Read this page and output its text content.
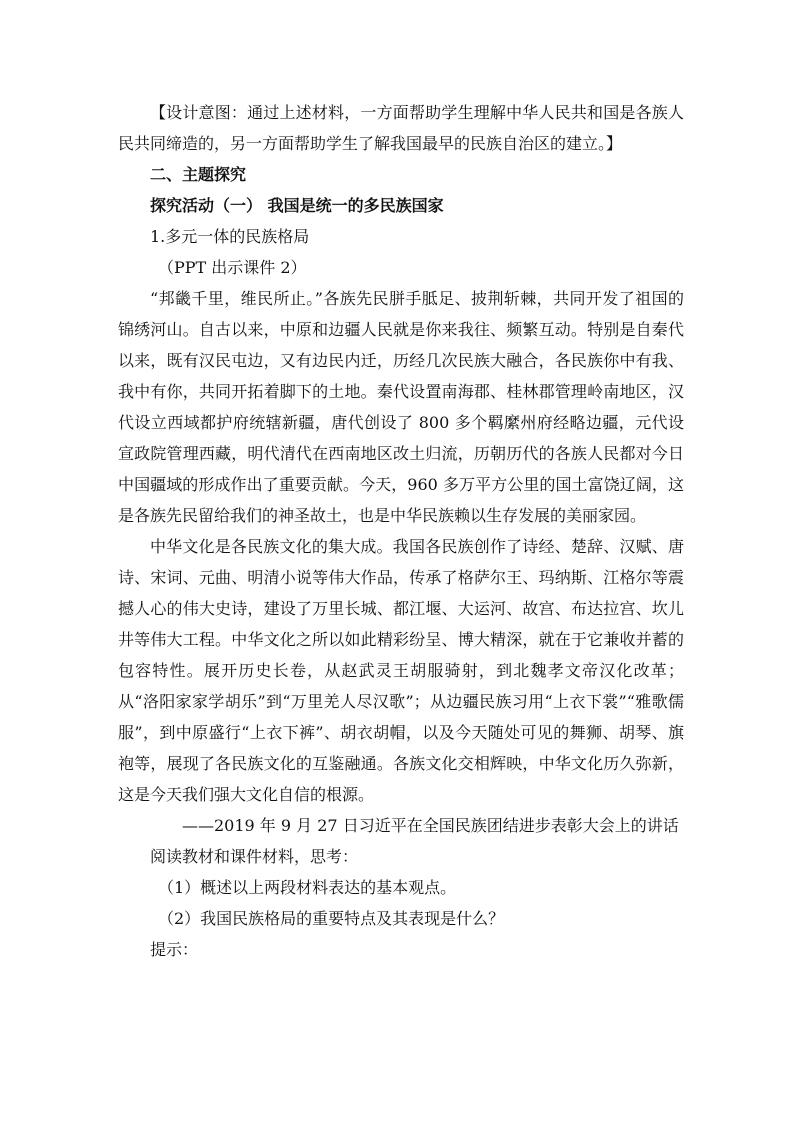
【设计意图：通过上述材料，一方面帮助学生理解中华人民共和国是各族人民共同缔造的，另一方面帮助学生了解我国最早的民族自治区的建立。】

二、主题探究

探究活动（一） 我国是统一的多民族国家

1.多元一体的民族格局

（PPT 出示课件 2）

“邦畿千里，维民所止。”各族先民胼手胝足、披荆斩棘，共同开发了祖国的锦绣河山。自古以来，中原和边疆人民就是你来我往、频繁互动。特别是自秦代以来，既有汉民屯边，又有边民内迁，历经几次民族大融合，各民族你中有我、我中有你，共同开拓着脚下的土地。秦代设置南海郡、桂林郡管理岭南地区，汉代设立西域都护府统辖新疆，唐代创设了 800 多个羁縻州府经略边疆，元代设宣政院管理西藏，明代清代在西南地区改土归流，历朝历代的各族人民都对今日中国疆域的形成作出了重要贡献。今天，960 多万平方公里的国土富饶辽阔，这是各族先民留给我们的神圣故土，也是中华民族赖以生存发展的美丽家园。

中华文化是各民族文化的集大成。我国各民族创作了诗经、楚辞、汉赋、唐诗、宋词、元曲、明清小说等伟大作品，传承了格萨尔王、玛纳斯、江格尔等震撼人心的伟大史诗，建设了万里长城、都江堰、大运河、故宫、布达拉宫、坎儿井等伟大工程。中华文化之所以如此精彩纷呈、博大精深，就在于它兼收并蓄的包容特性。展开历史长卷，从赵武灵王胡服骑射，到北魏孝文帝汉化改革；从“洛阳家家学胡乐”到“万里羌人尽汉歌”；从边疆民族习用“上衣下裳”“雅歌儒服”，到中原盛行“上衣下裤”、胡衣胡帽，以及今天随处可见的舞狮、胡琴、旗袍等，展现了各民族文化的互鉴融通。各族文化交相辉映，中华文化历久弥新，这是今天我们强大文化自信的根源。

——2019 年 9 月 27 日习近平在全国民族团结进步表彰大会上的讲话

阅读教材和课件材料，思考：

（1）概述以上两段材料表达的基本观点。

（2）我国民族格局的重要特点及其表现是什么？

提示：
